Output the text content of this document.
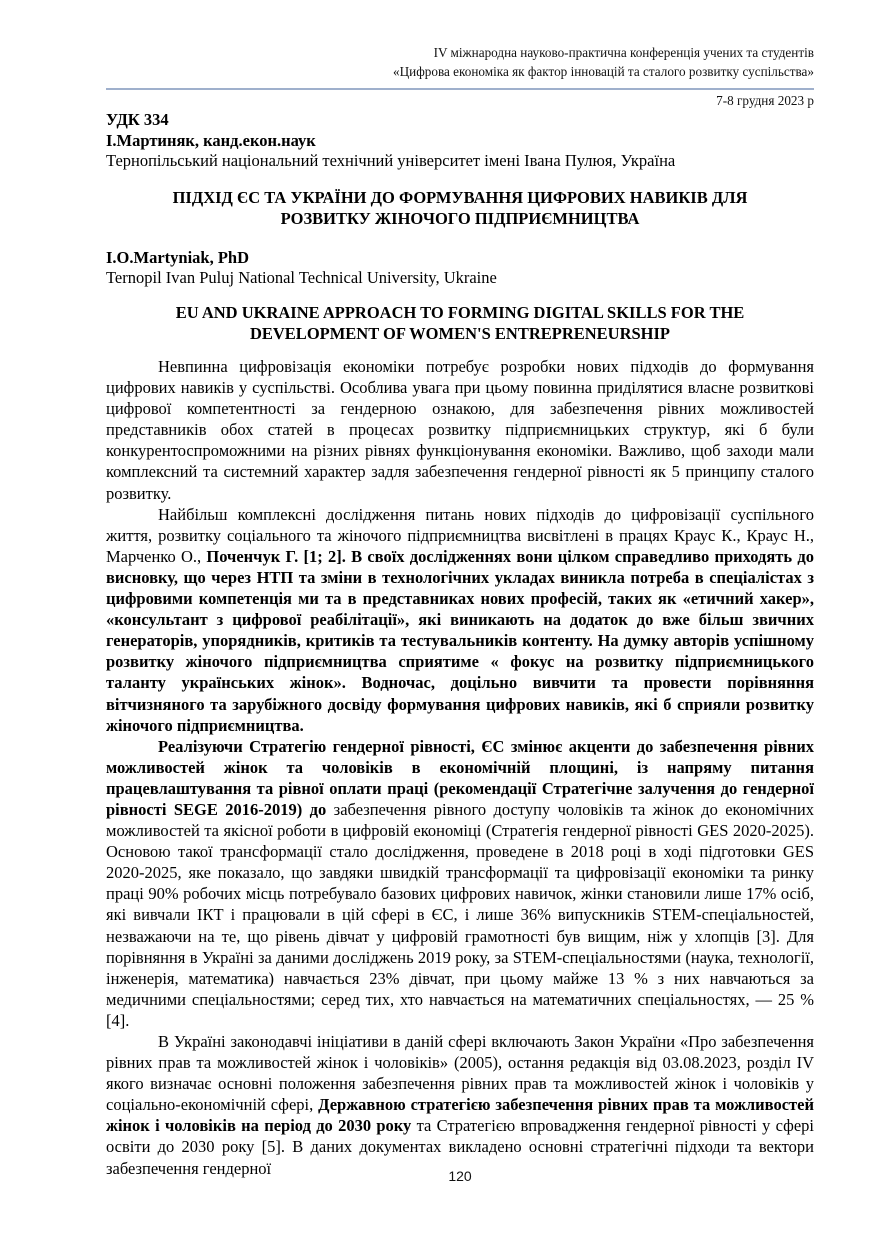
IV міжнародна науково-практична конференція учених та студентів
«Цифрова економіка як фактор інновацій та сталого розвитку суспільства»
7-8 грудня 2023 р
УДК 334
І.Мартиняк, канд.екон.наук
Тернопільський національний технічний університет імені Івана Пулюя, Україна
ПІДХІД ЄС ТА УКРАЇНИ ДО ФОРМУВАННЯ ЦИФРОВИХ НАВИКІВ ДЛЯ
РОЗВИТКУ ЖІНОЧОГО ПІДПРИЄМНИЦТВА
I.O.Martyniak, PhD
Ternopil Ivan Puluj National Technical University, Ukraine
EU AND UKRAINE APPROACH TO FORMING DIGITAL SKILLS FOR THE
DEVELOPMENT OF WOMEN'S ENTREPRENEURSHIP

Невпинна цифровізація економіки потребує розробки нових підходів до формування цифрових навиків у суспільстві. Особлива увага при цьому повинна приділятися власне розвиткові цифрової компетентності за гендерною ознакою, для забезпечення рівних можливостей представників обох статей в процесах розвитку підприємницьких структур, які б були конкурентоспроможними на різних рівнях функціонування економіки. Важливо, щоб заходи мали комплексний та системний характер задля забезпечення гендерної рівності як 5 принципу сталого розвитку.

Найбільш комплексні дослідження питань нових підходів до цифровізації суспільного життя, розвитку соціального та жіночого підприємництва висвітлені в працях Краус К., Краус Н., Марченко О., Поченчук Г. [1; 2]. В своїх дослідженнях вони цілком справедливо приходять до висновку, що через НТП та зміни в технологічних укладах виникла потреба в спеціалістах з цифровими компетенція ми та в представниках нових професій, таких як «етичний хакер», «консультант з цифрової реабілітації», які виникають на додаток до вже більш звичних генераторів, упорядників, критиків та тестувальників контенту. На думку авторів успішному розвитку жіночого підприємництва сприятиме « фокус на розвитку підприємницького таланту українських жінок». Водночас, доцільно вивчити та провести порівняння вітчизняного та зарубіжного досвіду формування цифрових навиків, які б сприяли розвитку жіночого підприємництва.

Реалізуючи Стратегію гендерної рівності, ЄС змінює акценти до забезпечення рівних можливостей жінок та чоловіків в економічній площині, із напряму питання працевлаштування та рівної оплати праці (рекомендації Стратегічне залучення до гендерної рівності SEGE 2016-2019) до забезпечення рівного доступу чоловіків та жінок до економічних можливостей та якісної роботи в цифровій економіці (Стратегія гендерної рівності GES 2020-2025). Основою такої трансформації стало дослідження, проведене в 2018 році в ході підготовки GES 2020-2025, яке показало, що завдяки швидкій трансформації та цифровізації економіки та ринку праці 90% робочих місць потребувало базових цифрових навичок, жінки становили лише 17% осіб, які вивчали ІКТ і працювали в цій сфері в ЄС, і лише 36% випускників STEM-спеціальностей, незважаючи на те, що рівень дівчат у цифровій грамотності був вищим, ніж у хлопців [3]. Для порівняння в Україні за даними досліджень 2019 року, за STEM-спеціальностями (наука, технології, інженерія, математика) навчається 23% дівчат, при цьому майже 13 % з них навчаються за медичними спеціальностями; серед тих, хто навчається на математичних спеціальностях, — 25 % [4].

В Україні законодавчі ініціативи в даній сфері включають Закон України «Про забезпечення рівних прав та можливостей жінок і чоловіків» (2005), остання редакція від 03.08.2023, розділ IV якого визначає основні положення забезпечення рівних прав та можливостей жінок і чоловіків у соціально-економічній сфері, Державною стратегією забезпечення рівних прав та можливостей жінок і чоловіків на період до 2030 року та Стратегією впровадження гендерної рівності у сфері освіти до 2030 року [5]. В даних документах викладено основні стратегічні підходи та вектори забезпечення гендерної	120
